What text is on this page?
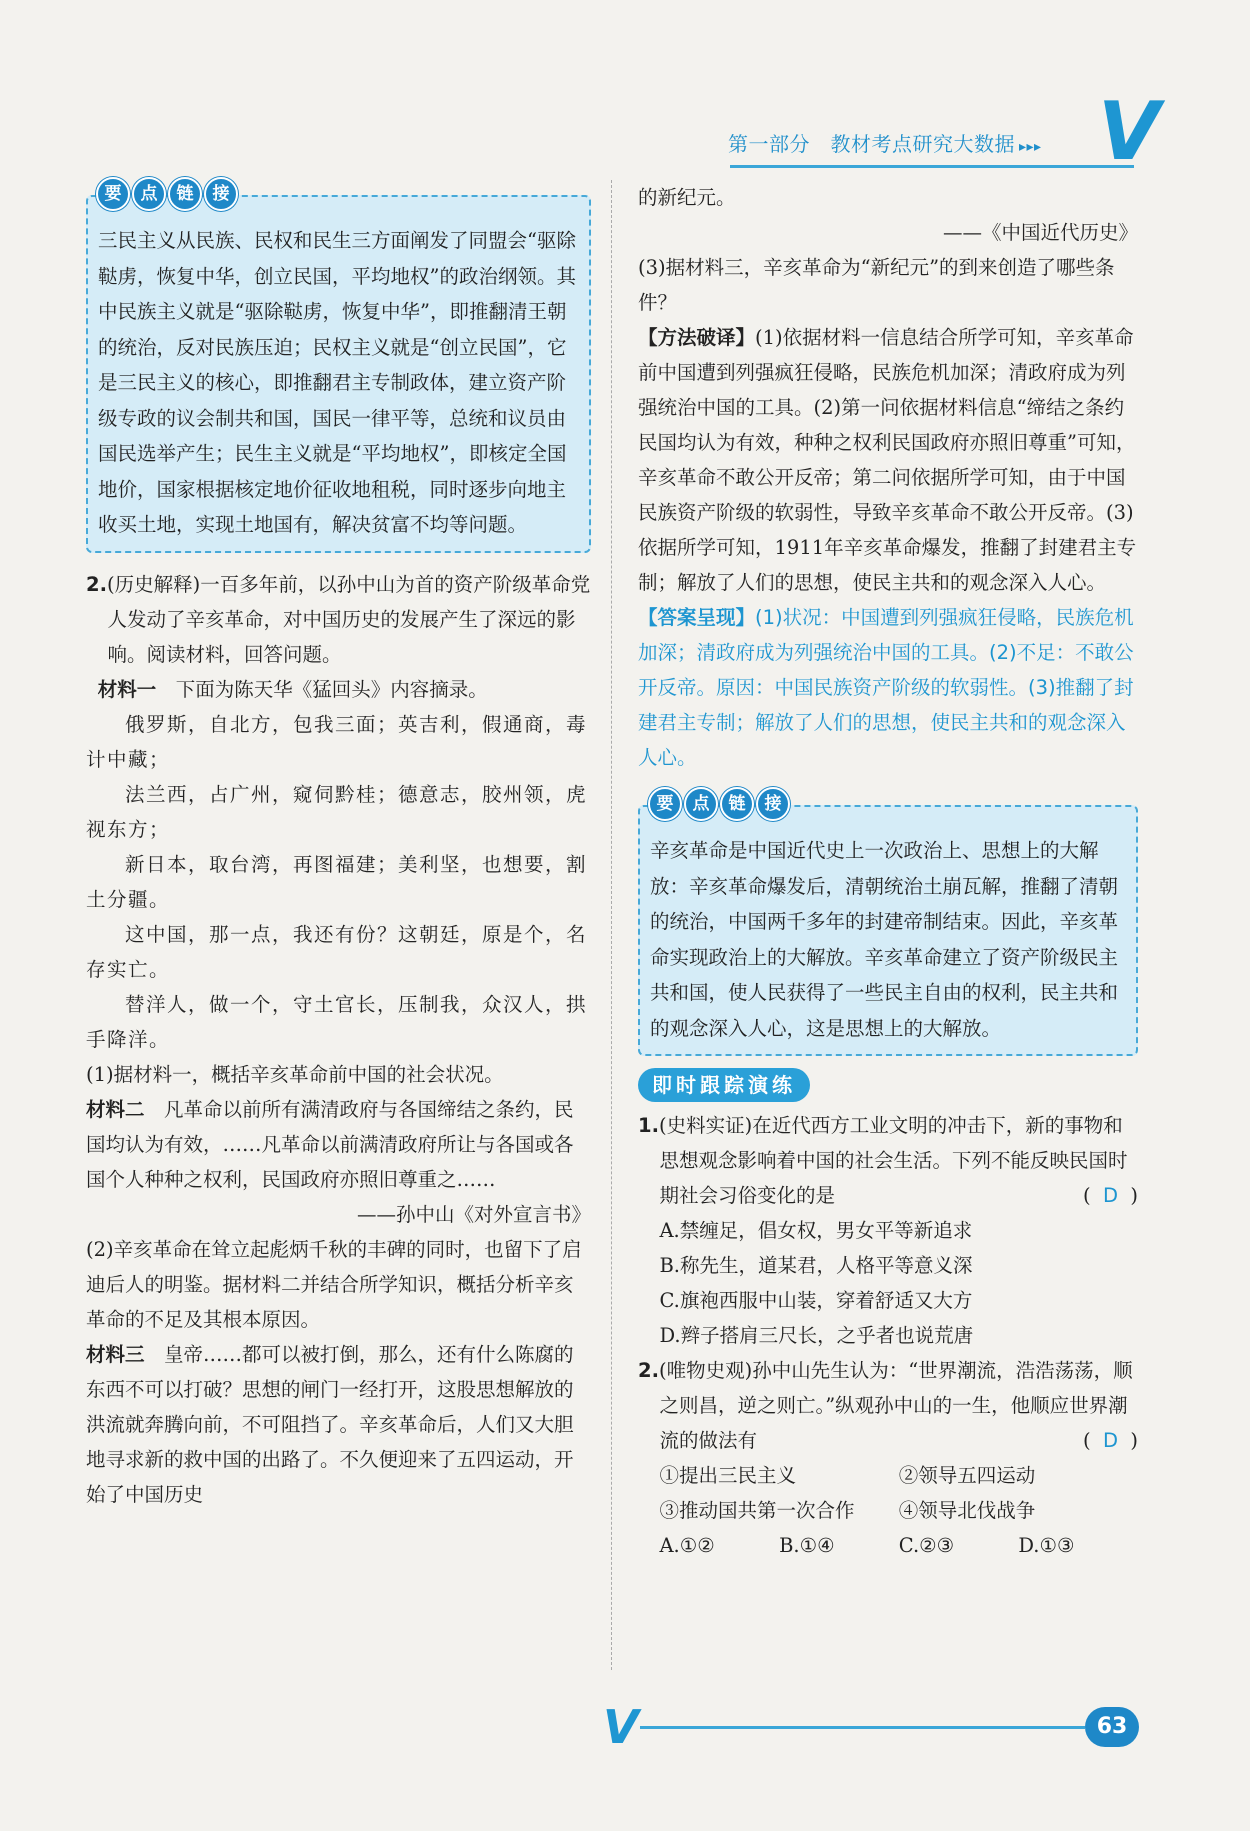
第一部分　教材考点研究大数据 ▸▸▸ V
要	点	链	接

三民主义从民族、民权和民生三方面阐发了同盟会“驱除鞑虏，恢复中华，创立民国，平均地权”的政治纲领。其中民族主义就是“驱除鞑虏，恢复中华”，即推翻清王朝的统治，反对民族压迫；民权主义就是“创立民国”，它是三民主义的核心，即推翻君主专制政体，建立资产阶级专政的议会制共和国，国民一律平等，总统和议员由国民选举产生；民生主义就是“平均地权”，即核定全国地价，国家根据核定地价征收地租税，同时逐步向地主收买土地，实现土地国有，解决贫富不均等问题。

2.(历史解释)一百多年前，以孙中山为首的资产阶级革命党人发动了辛亥革命，对中国历史的发展产生了深远的影响。阅读材料，回答问题。

材料一　下面为陈天华《猛回头》内容摘录。

俄罗斯，自北方，包我三面；英吉利，假通商，毒计中藏；

法兰西，占广州，窥伺黔桂；德意志，胶州领，虎视东方；

新日本，取台湾，再图福建；美利坚，也想要，割土分疆。

这中国，那一点，我还有份？这朝廷，原是个，名存实亡。

替洋人，做一个，守土官长，压制我，众汉人，拱手降洋。

(1)据材料一，概括辛亥革命前中国的社会状况。

材料二　凡革命以前所有满清政府与各国缔结之条约，民国均认为有效，……凡革命以前满清政府所让与各国或各国个人种种之权利，民国政府亦照旧尊重之……

——孙中山《对外宣言书》

(2)辛亥革命在耸立起彪炳千秋的丰碑的同时，也留下了启迪后人的明鉴。据材料二并结合所学知识，概括分析辛亥革命的不足及其根本原因。

材料三　皇帝……都可以被打倒，那么，还有什么陈腐的东西不可以打破？思想的闸门一经打开，这股思想解放的洪流就奔腾向前，不可阻挡了。辛亥革命后，人们又大胆地寻求新的救中国的出路了。不久便迎来了五四运动，开始了中国历史

的新纪元。

——《中国近代历史》

(3)据材料三，辛亥革命为“新纪元”的到来创造了哪些条件？

【方法破译】(1)依据材料一信息结合所学可知，辛亥革命前中国遭到列强疯狂侵略，民族危机加深；清政府成为列强统治中国的工具。(2)第一问依据材料信息“缔结之条约民国均认为有效，种种之权利民国政府亦照旧尊重”可知，辛亥革命不敢公开反帝；第二问依据所学可知，由于中国民族资产阶级的软弱性，导致辛亥革命不敢公开反帝。(3)依据所学可知，1911年辛亥革命爆发，推翻了封建君主专制；解放了人们的思想，使民主共和的观念深入人心。

【答案呈现】(1)状况：中国遭到列强疯狂侵略，民族危机加深；清政府成为列强统治中国的工具。(2)不足：不敢公开反帝。原因：中国民族资产阶级的软弱性。(3)推翻了封建君主专制；解放了人们的思想，使民主共和的观念深入人心。

要	点	链	接

辛亥革命是中国近代史上一次政治上、思想上的大解放：辛亥革命爆发后，清朝统治土崩瓦解，推翻了清朝的统治，中国两千多年的封建帝制结束。因此，辛亥革命实现政治上的大解放。辛亥革命建立了资产阶级民主共和国，使人民获得了一些民主自由的权利，民主共和的观念深入人心，这是思想上的大解放。

即时跟踪演练

1.(史料实证)在近代西方工业文明的冲击下，新的事物和思想观念影响着中国的社会生活。下列不能反映民国时期社会习俗变化的是	(  D  )

A.禁缠足，倡女权，男女平等新追求

B.称先生，道某君，人格平等意义深

C.旗袍西服中山装，穿着舒适又大方

D.辫子搭肩三尺长，之乎者也说荒唐

2.(唯物史观)孙中山先生认为：“世界潮流，浩浩荡荡，顺之则昌，逆之则亡。”纵观孙中山的一生，他顺应世界潮流的做法有	(  D  )

①提出三民主义	②领导五四运动
③推动国共第一次合作	④领导北伐战争
A.①②	B.①④	C.②③	D.①③
V	63
